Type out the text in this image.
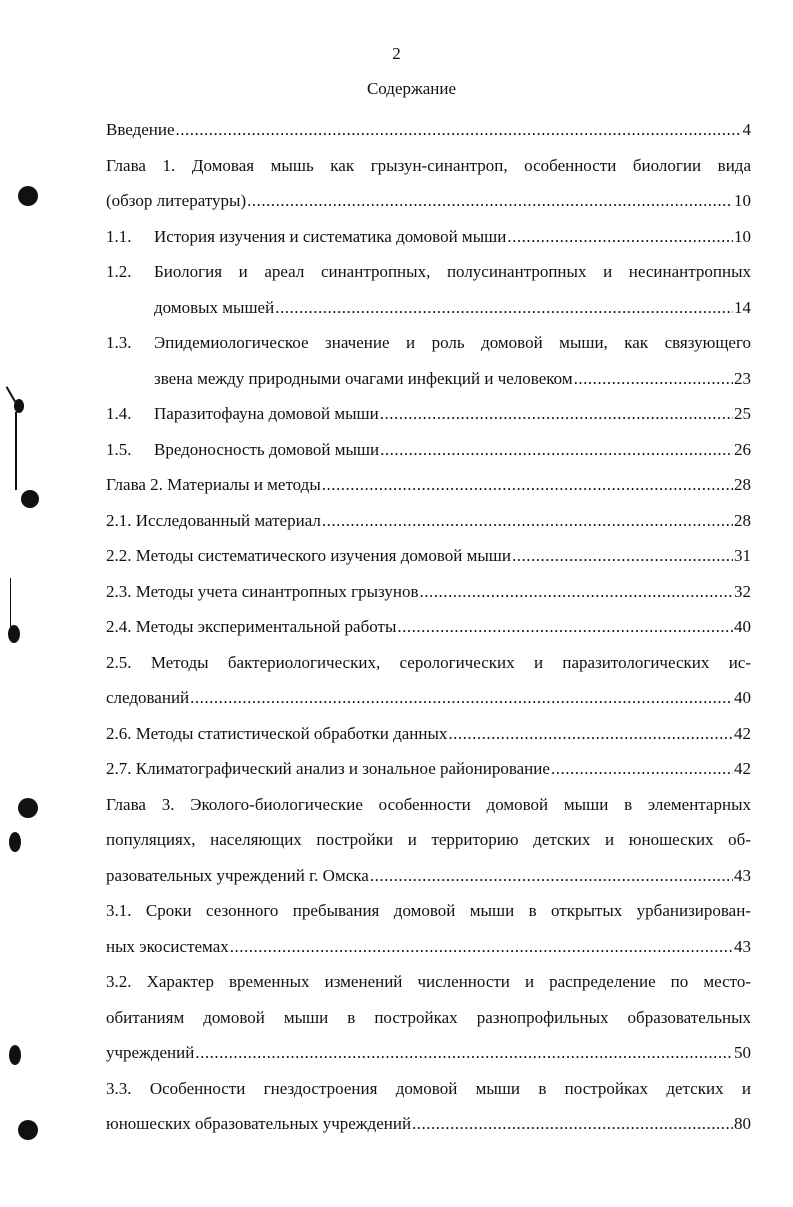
2
Содержание
Введение .....	4
Глава 1. Домовая мышь как грызун-синантроп, особенности биологии вида
(обзор литературы) .....	10
1.1. История изучения и систематика домовой мыши .....	10
1.2.	Биология и ареал синантропных, полусинантропных и несинантропных
домовых мышей .....	14
1.3.	Эпидемиологическое значение и роль домовой мыши, как связующего
звена между природными очагами инфекций и человеком .....	23
1.4. Паразитофауна домовой мыши .....	25
1.5. Вредоносность домовой мыши .....	26
Глава 2. Материалы и методы .....	28
2.1. Исследованный материал .....	28
2.2. Методы систематического изучения домовой мыши .....	31
2.3. Методы учета синантропных грызунов .....	32
2.4. Методы экспериментальной работы .....	40
2.5. Методы бактериологических, серологических и паразитологических ис-
следований .....	40
2.6. Методы статистической обработки данных .....	42
2.7. Климатографический анализ и зональное районирование .....	42
Глава 3. Эколого-биологические особенности домовой мыши в элементарных
популяциях, населяющих постройки и территорию детских и юношеских об-
разовательных учреждений г. Омска .....	43
3.1. Сроки сезонного пребывания домовой мыши в открытых урбанизирован-
ных экосистемах .....	43
3.2. Характер временных изменений численности и распределение по место-
обитаниям домовой мыши в постройках разнопрофильных образовательных
учреждений .....	50
3.3. Особенности гнездостроения домовой мыши в постройках детских и
юношеских образовательных учреждений .....	80
